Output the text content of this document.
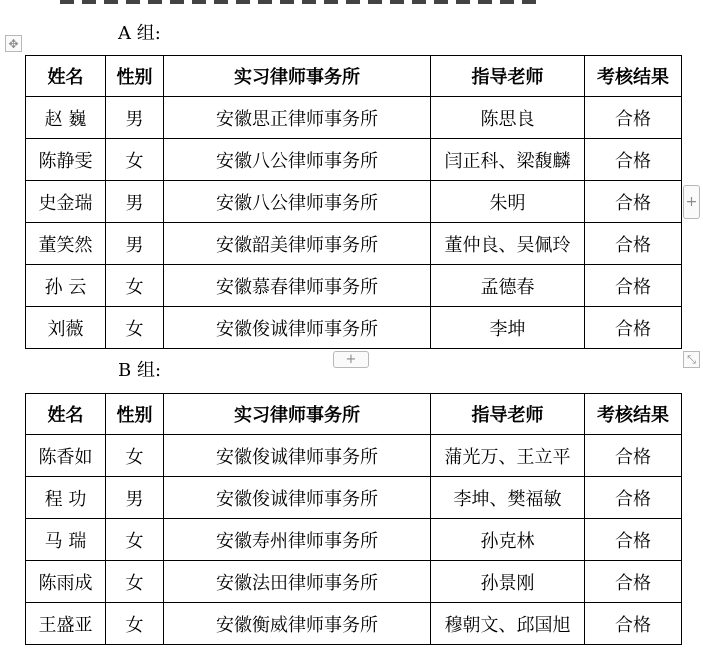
✥	A 组:
姓名	性别	实习律师事务所	指导老师	考核结果
赵 巍	男	安徽思正律师事务所	陈思良	合格
陈静雯	女	安徽八公律师事务所	闫正科、梁馥麟	合格
史金瑞	男	安徽八公律师事务所	朱明	合格
董笑然	男	安徽韶美律师事务所	董仲良、吴佩玲	合格
孙 云	女	安徽慕春律师事务所	孟德春	合格
刘薇	女	安徽俊诚律师事务所	李坤	合格
+
+	⤡
B 组:
姓名	性别	实习律师事务所	指导老师	考核结果
陈香如	女	安徽俊诚律师事务所	蒲光万、王立平	合格
程 功	男	安徽俊诚律师事务所	李坤、樊福敏	合格
马 瑞	女	安徽寿州律师事务所	孙克林	合格
陈雨成	女	安徽法田律师事务所	孙景刚	合格
王盛亚	女	安徽衡威律师事务所	穆朝文、邱国旭	合格
